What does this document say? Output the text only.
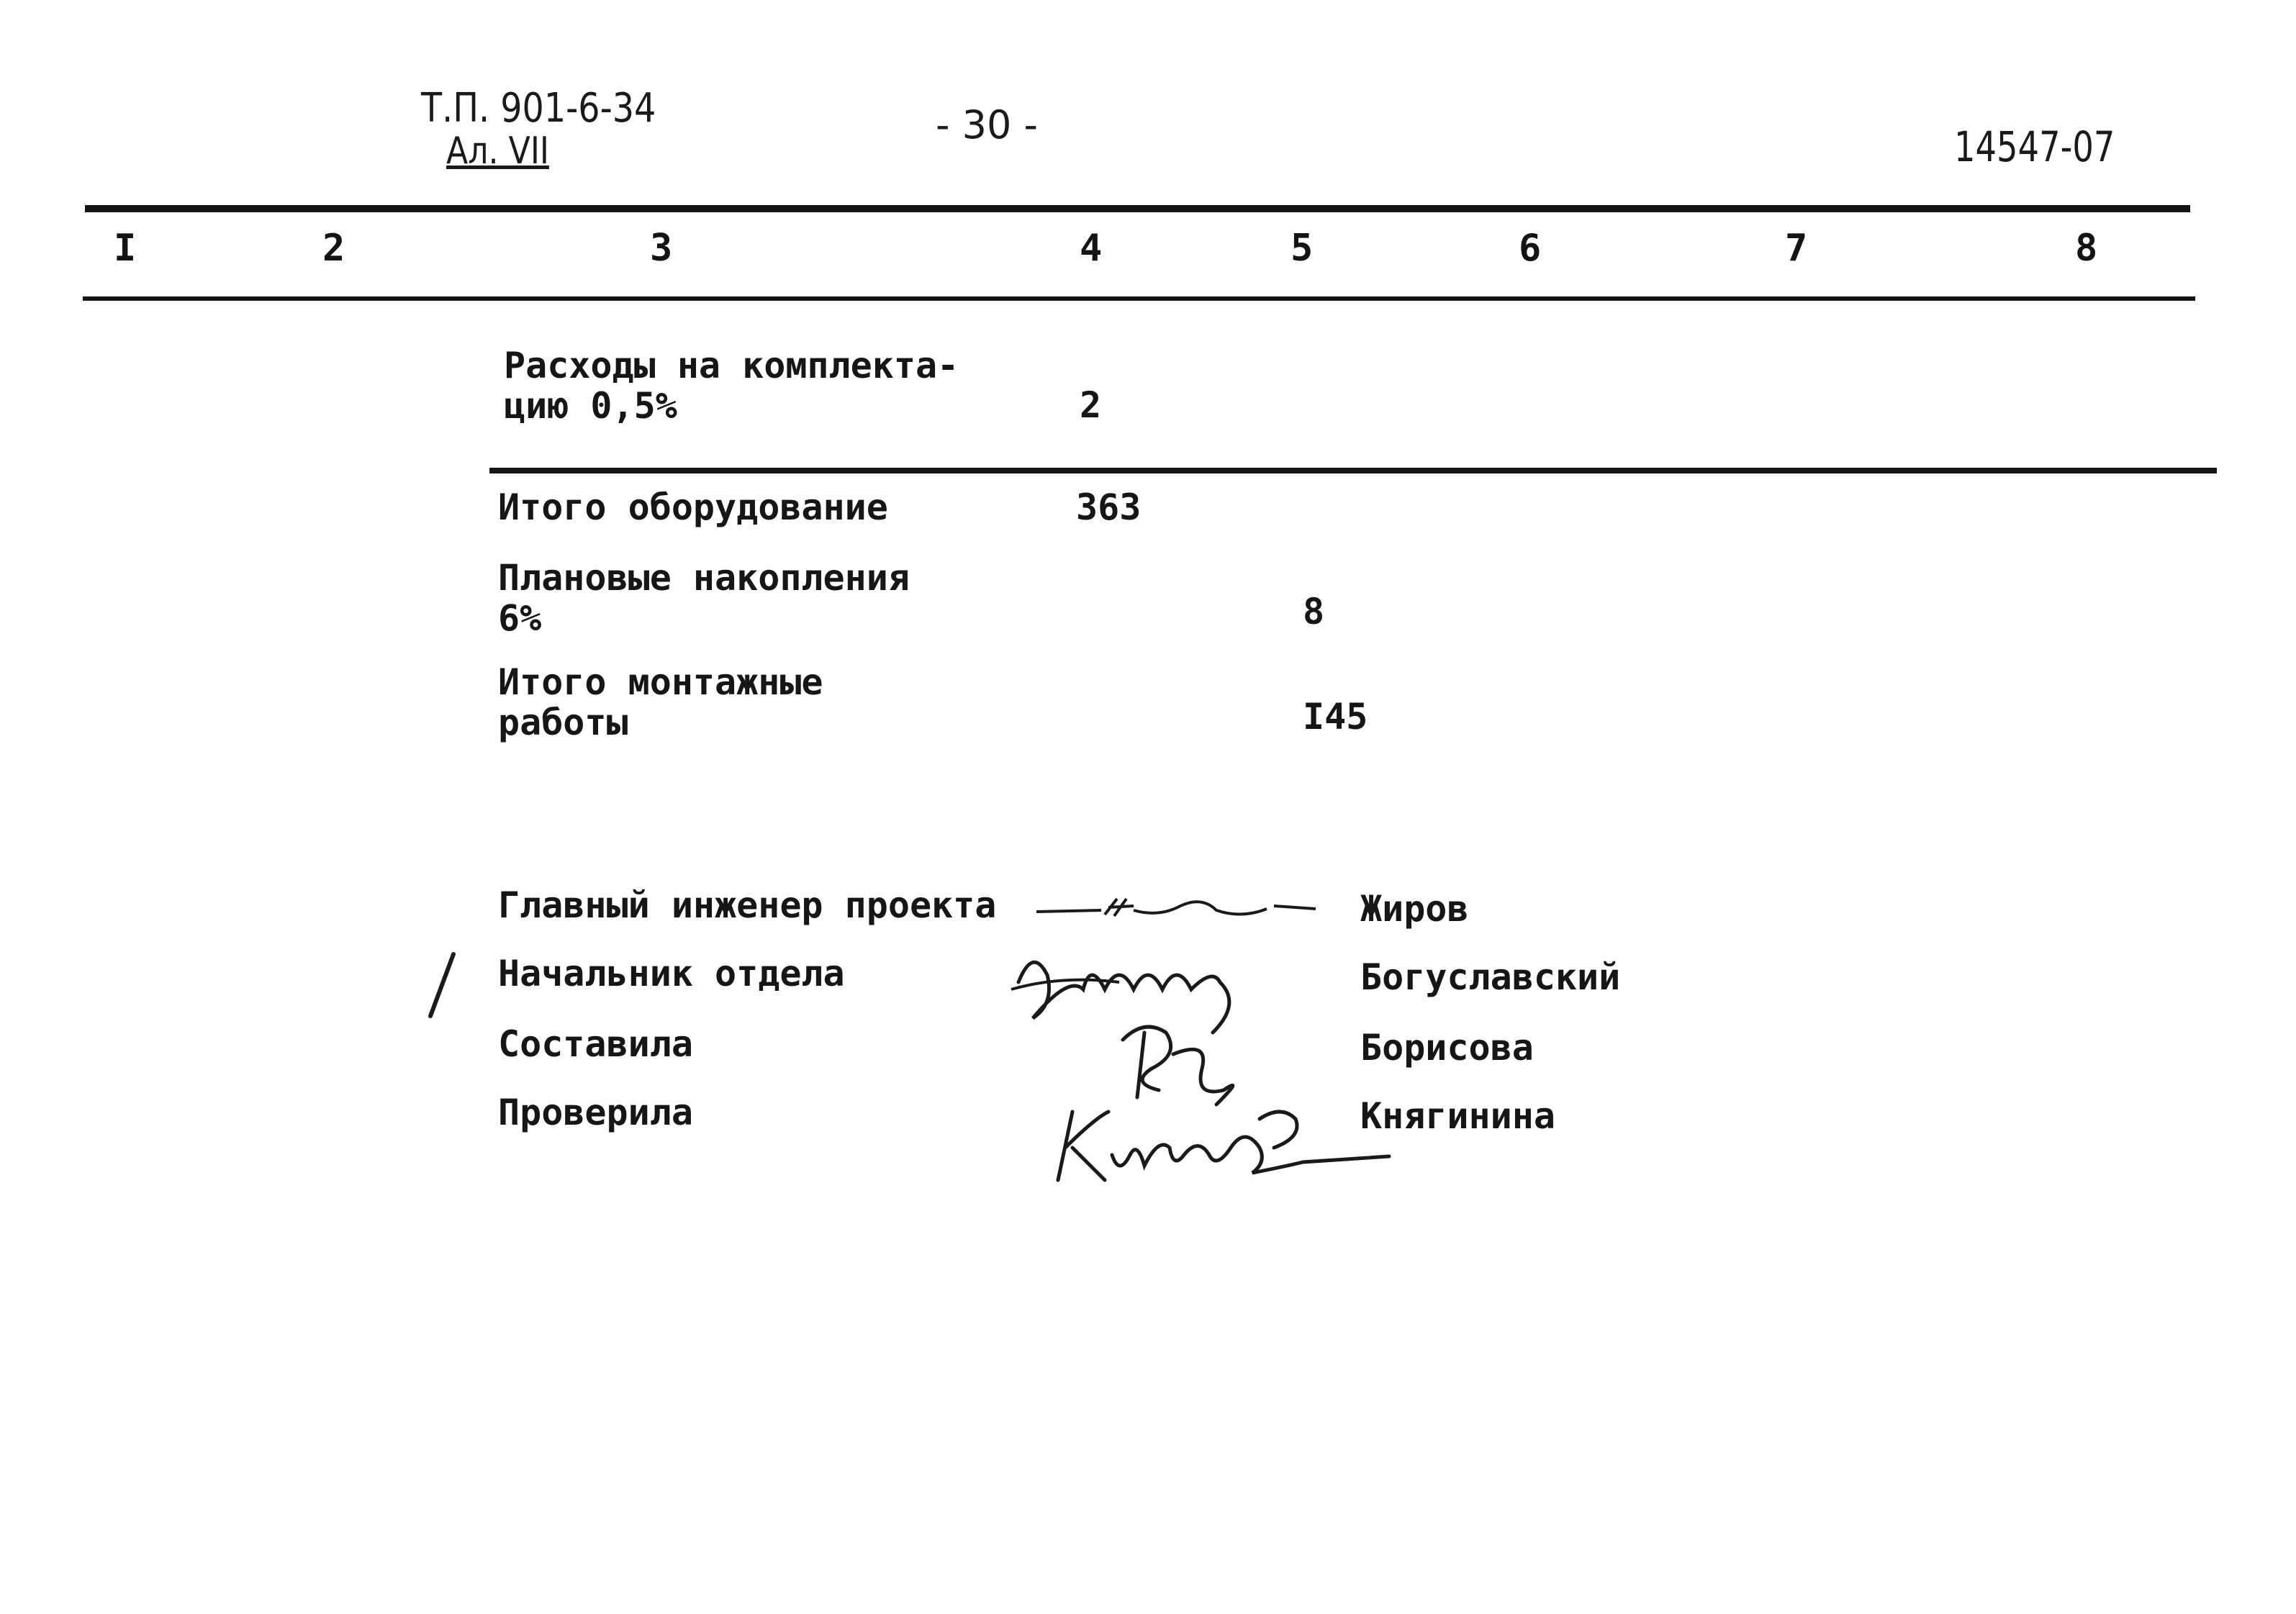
Т.П. 901-6-34
Ал. VII
- 30 -	14547-07
I	2	3	4	5	6	7	8
Расходы на комплекта-
цию 0,5%	2
Итого оборудование	363
Плановые накопления
6%	8
Итого монтажные
работы	I45
Главный инженер проекта	Жиров
Начальник отдела	Богуславский
Составила	Борисова
Проверила	Княгинина
